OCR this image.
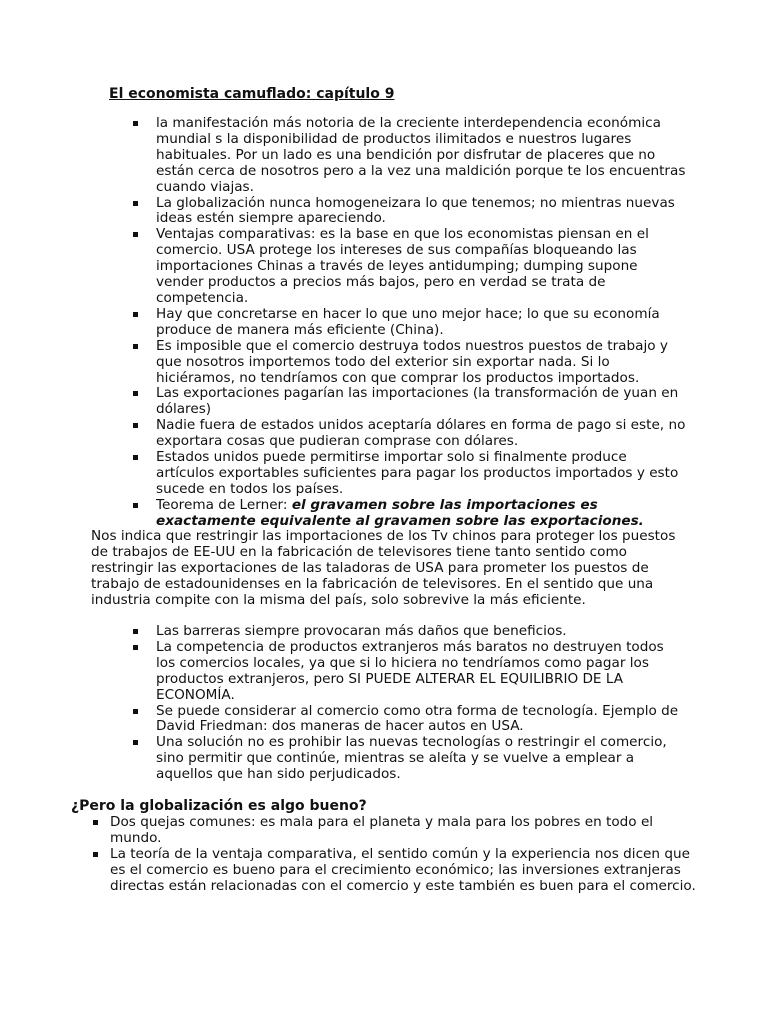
El economista camuflado: capítulo 9
la manifestación más notoria de la creciente interdependencia económica mundial s la disponibilidad de productos ilimitados e nuestros lugares habituales. Por un lado es una bendición por disfrutar de placeres que no están cerca de nosotros pero a la vez una maldición porque te los encuentras cuando viajas.
La globalización nunca homogeneizara lo que tenemos; no mientras nuevas ideas estén siempre apareciendo.
Ventajas comparativas: es la base en que los economistas piensan en el comercio. USA protege los intereses de sus compañías bloqueando las importaciones Chinas a través de leyes antidumping; dumping supone vender productos a precios más bajos, pero en verdad se trata de competencia.
Hay que concretarse en hacer lo que uno mejor hace; lo que su economía produce de manera más eficiente (China).
Es imposible que el comercio destruya todos nuestros puestos de trabajo y que nosotros importemos todo del exterior sin exportar nada. Si lo hiciéramos, no tendríamos con que comprar los productos importados.
Las exportaciones pagarían las importaciones (la transformación de yuan en dólares)
Nadie fuera de estados unidos aceptaría dólares en forma de pago si este, no exportara cosas que pudieran comprase con dólares.
Estados unidos puede permitirse importar solo si finalmente produce artículos exportables suficientes para pagar los productos importados y esto sucede en todos los países.
Teorema de Lerner: el gravamen sobre las importaciones es exactamente equivalente al gravamen sobre las exportaciones.

Nos indica que restringir las importaciones de los Tv chinos para proteger los puestos de trabajos de EE-UU en la fabricación de televisores tiene tanto sentido como restringir las exportaciones de las taladoras de USA para prometer los puestos de trabajo de estadounidenses en la fabricación de televisores. En el sentido que una industria compite con la misma del país, solo sobrevive la más eficiente.

Las barreras siempre provocaran más daños que beneficios.
La competencia de productos extranjeros más baratos no destruyen todos los comercios locales, ya que si lo hiciera no tendríamos como pagar los productos extranjeros, pero SI PUEDE ALTERAR EL EQUILIBRIO DE LA ECONOMÍA.
Se puede considerar al comercio como otra forma de tecnología. Ejemplo de David Friedman: dos maneras de hacer autos en USA.
Una solución no es prohibir las nuevas tecnologías o restringir el comercio, sino permitir que continúe, mientras se aleíta y se vuelve a emplear a aquellos que han sido perjudicados.
¿Pero la globalización es algo bueno?
Dos quejas comunes: es mala para el planeta y mala para los pobres en todo el mundo.
La teoría de la ventaja comparativa, el sentido común y la experiencia nos dicen que es el comercio es bueno para el crecimiento económico; las inversiones extranjeras directas están relacionadas con el comercio y este también es buen para el comercio.
